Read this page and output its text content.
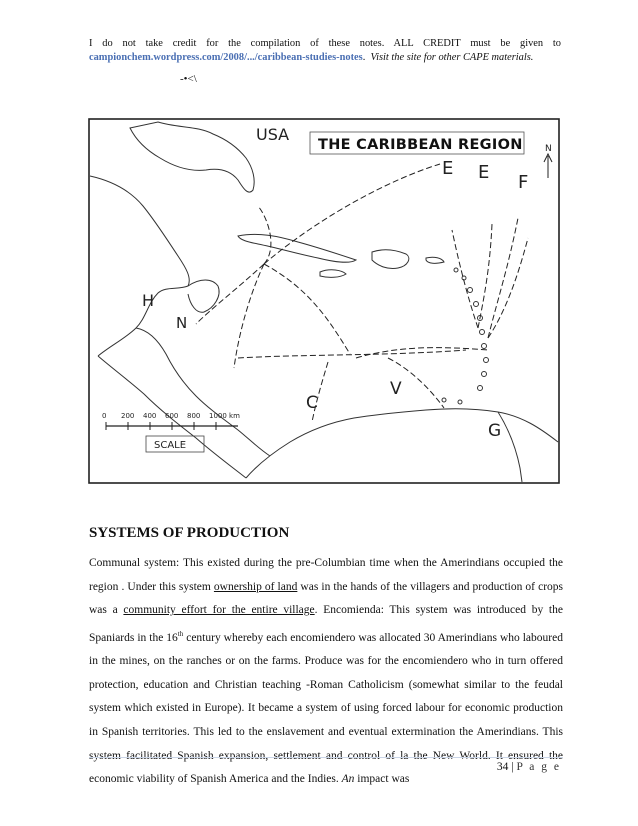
I do not take credit for the compilation of these notes. ALL CREDIT must be given to
campionchem.wordpress.com/2008/.../caribbean-studies-notes. Visit the site for other CAPE materials.
-•<\
THE CARIBBEAN REGION N
USA
E E F
H
N
C
V
G
0 200 400 600 800 1000 km
SCALE
SYSTEMS OF PRODUCTION

Communal system: This existed during the pre-Columbian time when the Amerindians occupied the region . Under this system ownership of land was in the hands of the villagers and production of crops was a community effort for the entire village. Encomienda: This system was introduced by the Spaniards in the 16th century whereby each encomiendero was allocated 30 Amerindians who laboured in the mines, on the ranches or on the farms. Produce was for the encomiendero who in turn offered protection, education and Christian teaching -Roman Catholicism (somewhat similar to the feudal system which existed in Europe). It became a system of using forced labour for economic production in Spanish territories. This led to the enslavement and eventual extermination the Amerindians. This system facilitated Spanish expansion, settlement and control of la the New World. It ensured the economic viability of Spanish America and the Indies. An impact was

34 | P a g e
